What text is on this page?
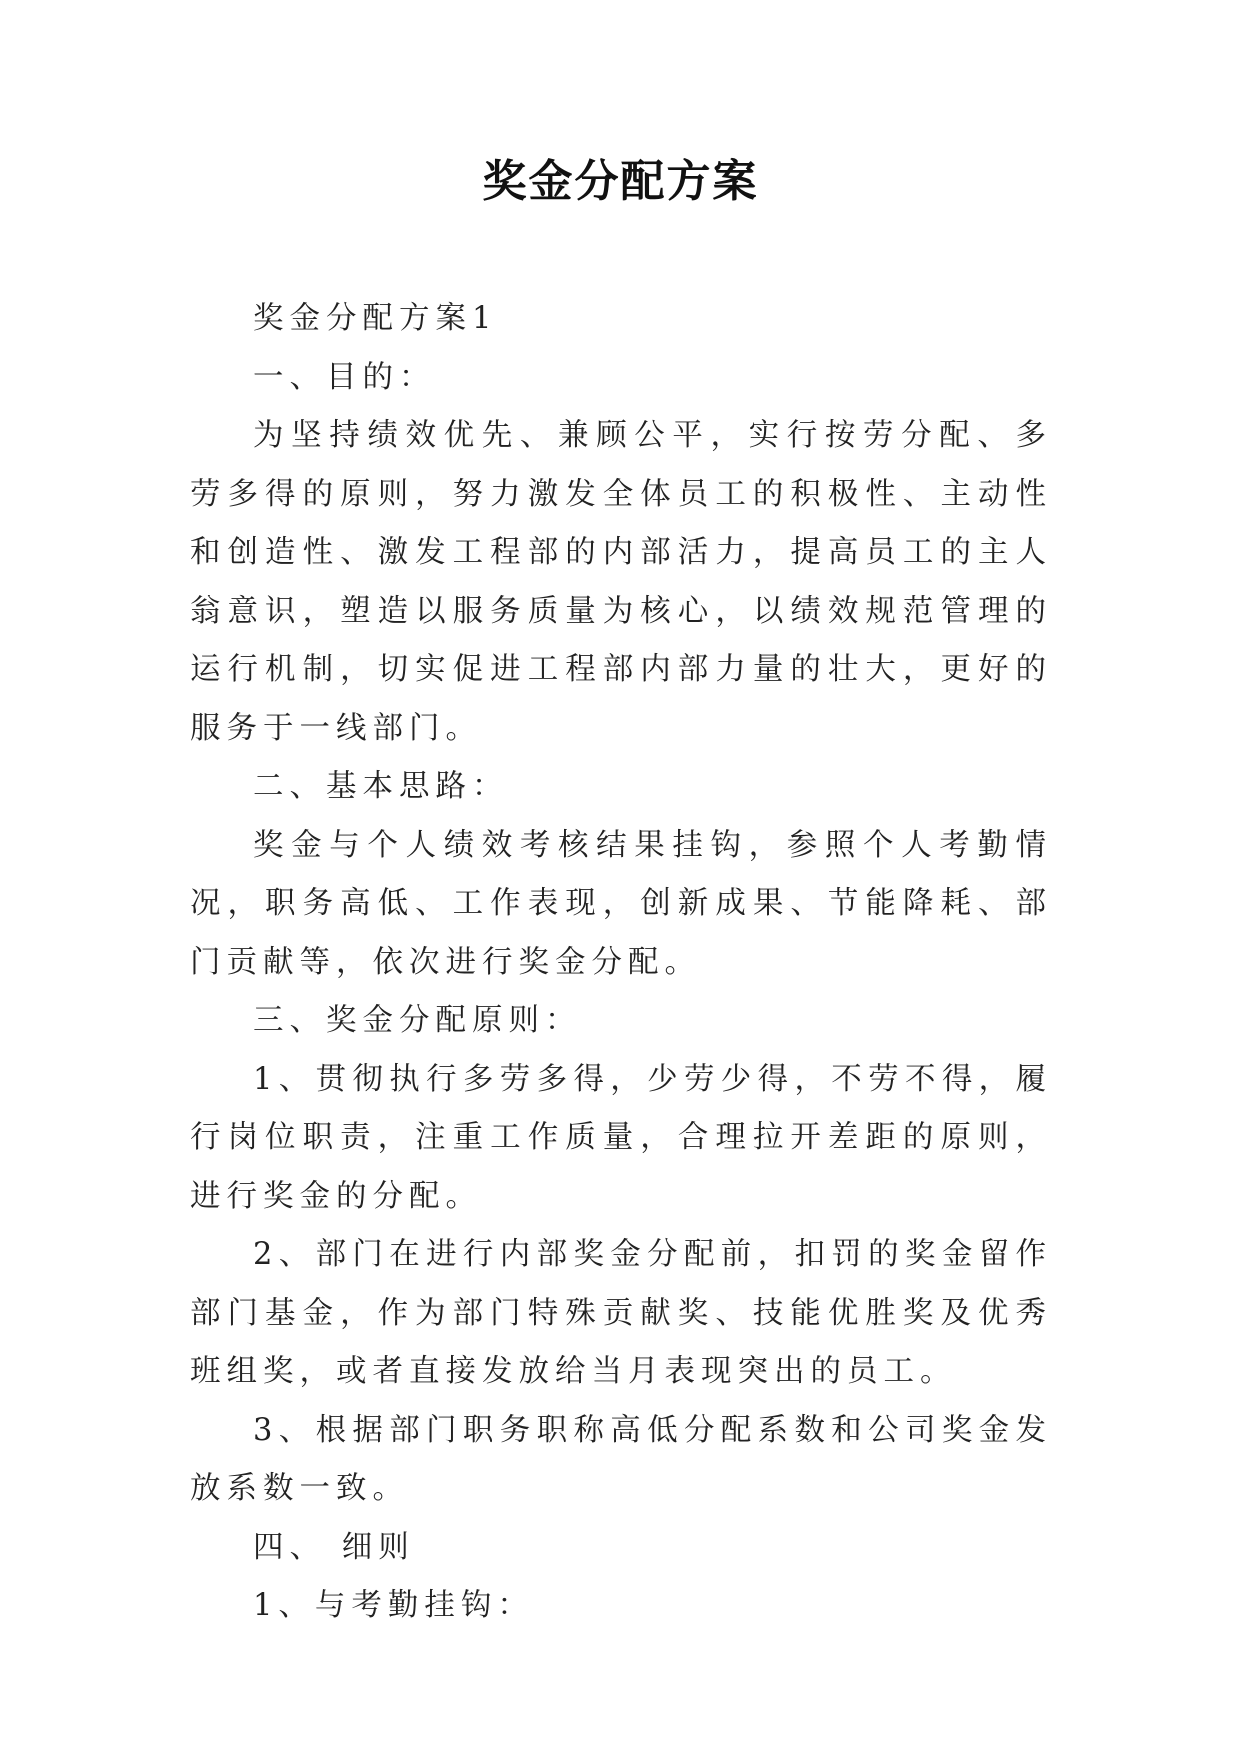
奖金分配方案

奖金分配方案1

一、目的：

为坚持绩效优先、兼顾公平，实行按劳分配、多劳多得的原则，努力激发全体员工的积极性、主动性和创造性、激发工程部的内部活力，提高员工的主人翁意识，塑造以服务质量为核心，以绩效规范管理的运行机制，切实促进工程部内部力量的壮大，更好的服务于一线部门。

二、基本思路：

奖金与个人绩效考核结果挂钩，参照个人考勤情况，职务高低、工作表现，创新成果、节能降耗、部门贡献等，依次进行奖金分配。

三、奖金分配原则：

1、贯彻执行多劳多得，少劳少得，不劳不得，履行岗位职责，注重工作质量，合理拉开差距的原则，进行奖金的分配。

2、部门在进行内部奖金分配前，扣罚的奖金留作部门基金，作为部门特殊贡献奖、技能优胜奖及优秀班组奖，或者直接发放给当月表现突出的员工。

3、根据部门职务职称高低分配系数和公司奖金发放系数一致。

四、 细则

1、与考勤挂钩：
